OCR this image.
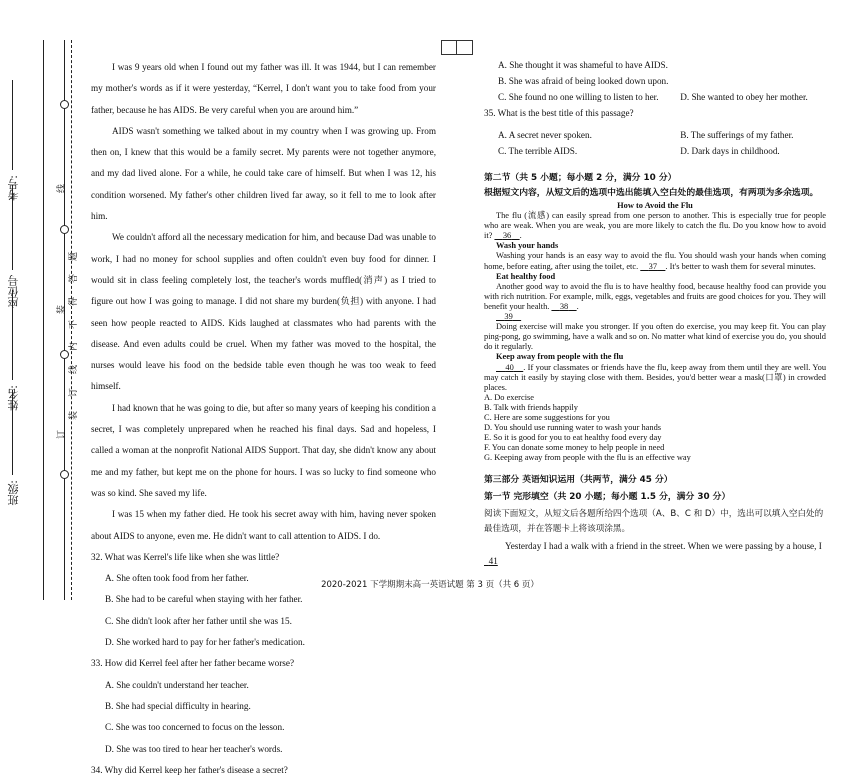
班级:
姓名:
座位号
考号:	线
装
订
题
答
得
不
内
线
订
装

I was 9 years old when I found out my father was ill. It was 1944, but I can remember my mother's words as if it were yesterday, “Kerrel, I don't want you to take food from your father, because he has AIDS. Be very careful when you are around him.”

AIDS wasn't something we talked about in my country when I was growing up. From then on, I knew that this would be a family secret. My parents were not together anymore, and my dad lived alone. For a while, he could take care of himself. But when I was 12, his condition worsened. My father's other children lived far away, so it fell to me to look after him.

We couldn't afford all the necessary medication for him, and because Dad was unable to work, I had no money for school supplies and often couldn't even buy food for dinner. I would sit in class feeling completely lost, the teacher's words muffled(消声) as I tried to figure out how I was going to manage. I did not share my burden(负担) with anyone. I had seen how people reacted to AIDS. Kids laughed at classmates who had parents with the disease. And even adults could be cruel. When my father was moved to the hospital, the nurses would leave his food on the bedside table even though he was too weak to feed himself.

I had known that he was going to die, but after so many years of keeping his condition a secret, I was completely unprepared when he reached his final days. Sad and hopeless, I called a woman at the nonprofit National AIDS Support. That day, she didn't know any about me and my father, but kept me on the phone for hours. I was so lucky to find someone who was so kind. She saved my life.

I was 15 when my father died. He took his secret away with him, having never spoken about AIDS to anyone, even me. He didn't want to call attention to AIDS. I do.

32. What was Kerrel's life like when she was little?

A. She often took food from her father.

B. She had to be careful when staying with her father.

C. She didn't look after her father until she was 15.

D. She worked hard to pay for her father's medication.

33. How did Kerrel feel after her father became worse?

A. She couldn't understand her teacher.

B. She had special difficulty in hearing.

C. She was too concerned to focus on the lesson.

D. She was too tired to hear her teacher's words.

34. Why did Kerrel keep her father's disease a secret?

A. She thought it was shameful to have AIDS.
B. She was afraid of being looked down upon.
C. She found no one willing to listen to her.	D. She wanted to obey her mother.
35. What is the best title of this passage?
A. A secret never spoken.	B. The sufferings of my father.
C. The terrible AIDS.	D. Dark days in childhood.
第二节（共 5 小题；每小题 2 分，满分 10 分）
根据短文内容，从短文后的选项中选出能填入空白处的最佳选项，有两项为多余选项。

How to Avoid the Flu

The flu (流感) can easily spread from one person to another. This is especially true for people who are weak. When you are weak, you are more likely to catch the flu. Do you know how to avoid it?     36 .

Wash your hands

Washing your hands is an easy way to avoid the flu. You should wash your hands when coming home, before eating, after using the toilet, etc.     37 . It's better to wash them for several minutes.

Eat healthy food

Another good way to avoid the flu is to have healthy food, because healthy food can provide you with rich nutrition. For example, milk, eggs, vegetables and fruits are good choices for you. They will benefit your health.     38 .

39

Doing exercise will make you stronger. If you often do exercise, you may keep fit. You can play ping-pong, go swimming, have a walk and so on. No matter what kind of exercise you do, you should do it regularly.

Keep away from people with the flu

40 . If your classmates or friends have the flu, keep away from them until they are well. You may catch it easily by staying close with them. Besides, you'd better wear a mask(口罩) in crowded places.

A. Do exercise

B. Talk with friends happily

C. Here are some suggestions for you

D. You should use running water to wash your hands

E. So it is good for you to eat healthy food every day

F. You can donate some money to help people in need

G. Keeping away from people with the flu is an effective way

第三部分 英语知识运用（共两节，满分 45 分）
第一节 完形填空（共 20 小题；每小题 1.5 分，满分 30 分）
阅读下面短文，从短文后各题所给四个选项（A、B、C 和 D）中，选出可以填入空白处的最佳选项，并在答题卡上将该项涂黑。
Yesterday I had a walk with a friend in the street. When we were passing by a house, I   41
2020-2021 下学期期末高一英语试题 第 3 页（共 6 页）
